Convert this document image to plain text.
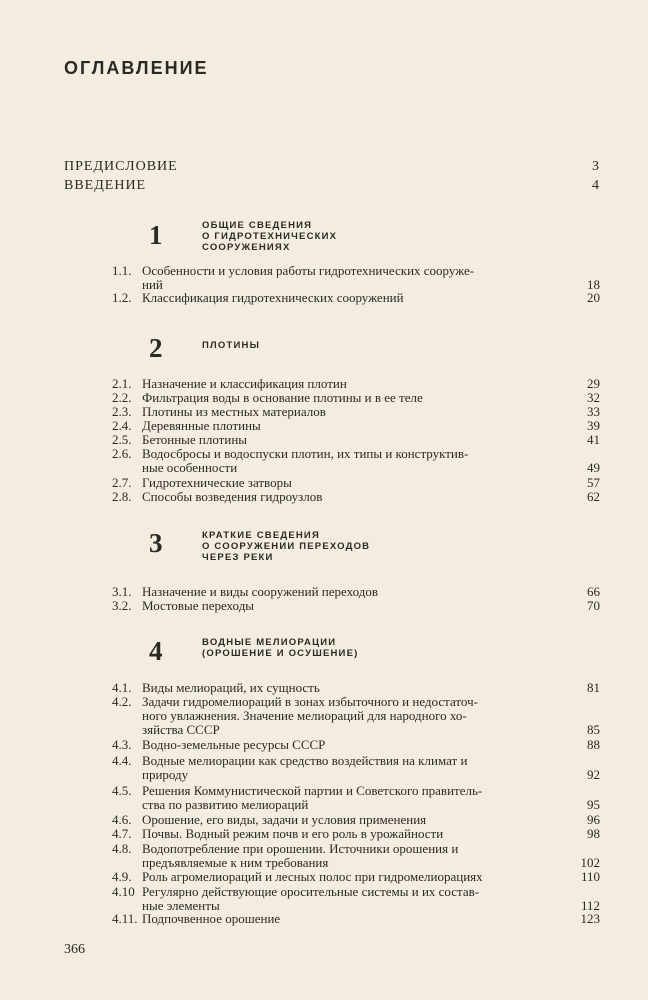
ОГЛАВЛЕНИЕ
ПРЕДИСЛОВИЕ	3
ВВЕДЕНИЕ	4
1	ОБЩИЕ СВЕДЕНИЯ
О ГИДРОТЕХНИЧЕСКИХ
СООРУЖЕНИЯХ
1.1. Особенности и условия работы гидротехнических сооруже-
ний	18
1.2. Классификация гидротехнических сооружений	20
2	ПЛОТИНЫ
2.1. Назначение и классификация плотин	29
2.2. Фильтрация воды в основание плотины и в ее теле	32
2.3. Плотины из местных материалов	33
2.4. Деревянные плотины	39
2.5. Бетонные плотины	41
2.6. Водосбросы и водоспуски плотин, их типы и конструктив-
ные особенности	49
2.7. Гидротехнические затворы	57
2.8. Способы возведения гидроузлов	62
3	КРАТКИЕ СВЕДЕНИЯ
О СООРУЖЕНИИ ПЕРЕХОДОВ
ЧЕРЕЗ РЕКИ
3.1. Назначение и виды сооружений переходов	66
3.2. Мостовые переходы	70
4	ВОДНЫЕ МЕЛИОРАЦИИ
(ОРОШЕНИЕ И ОСУШЕНИЕ)
4.1. Виды мелиораций, их сущность	81
4.2. Задачи гидромелиораций в зонах избыточного и недостаточ-
ного увлажнения. Значение мелиораций для народного хо-
зяйства СССР	85
4.3. Водно-земельные ресурсы СССР	88
4.4. Водные мелиорации как средство воздействия на климат и
природу	92
4.5. Решения Коммунистической партии и Советского правитель-
ства по развитию мелиораций	95
4.6. Орошение, его виды, задачи и условия применения	96
4.7. Почвы. Водный режим почв и его роль в урожайности	98
4.8. Водопотребление при орошении. Источники орошения и
предъявляемые к ним требования	102
4.9. Роль агромелиораций и лесных полос при гидромелиорациях	110
4.10 Регулярно действующие оросительные системы и их состав-
ные элементы	112
4.11. Подпочвенное орошение	123
366
